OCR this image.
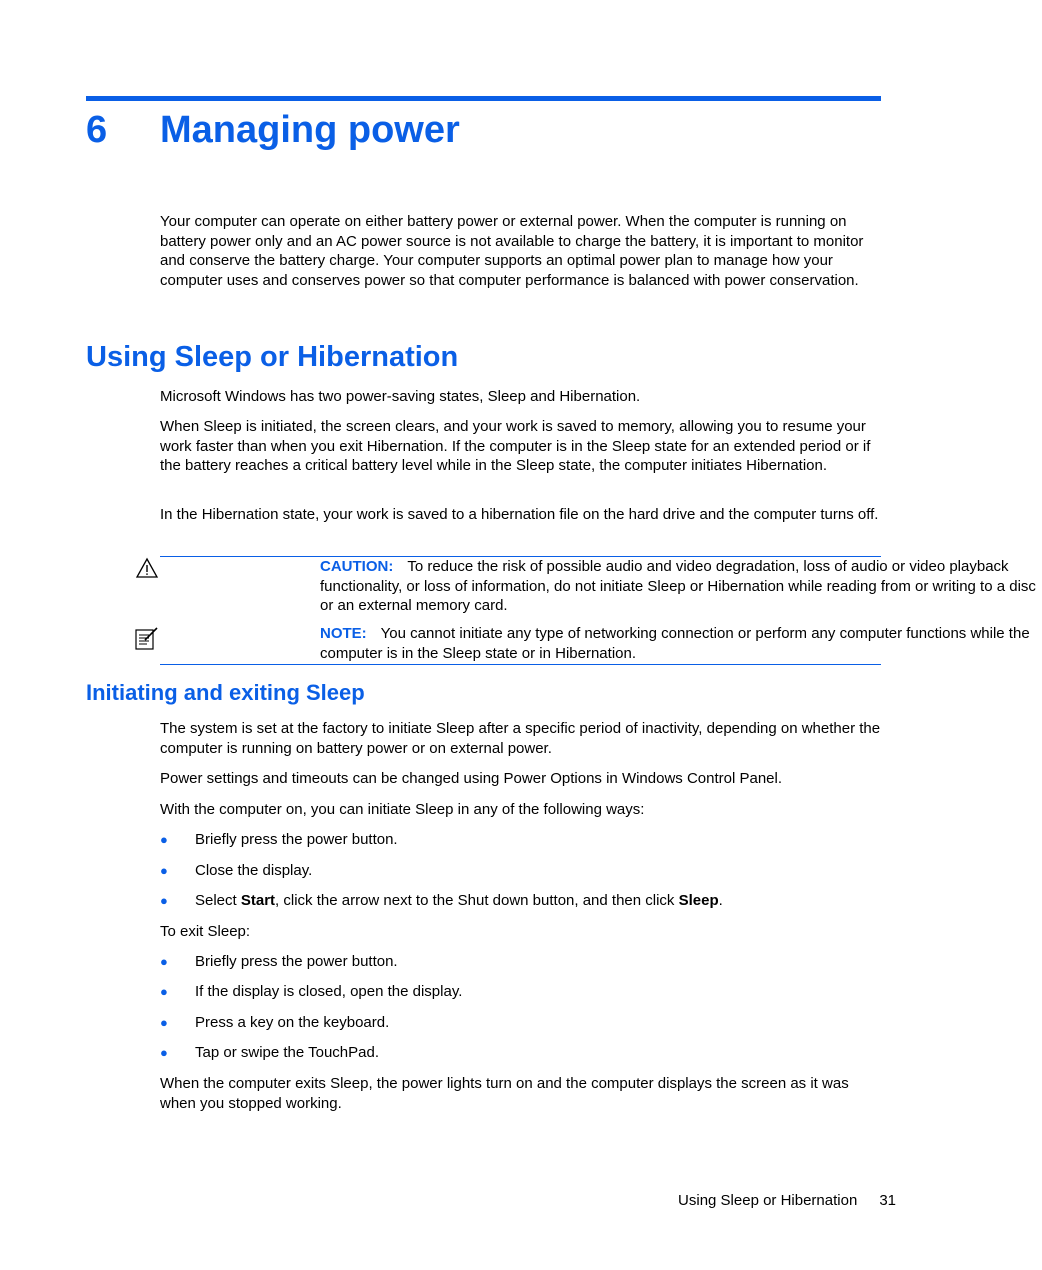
6 Managing power

Your computer can operate on either battery power or external power. When the computer is running on battery power only and an AC power source is not available to charge the battery, it is important to monitor and conserve the battery charge. Your computer supports an optimal power plan to manage how your computer uses and conserves power so that computer performance is balanced with power conservation.

Using Sleep or Hibernation

Microsoft Windows has two power-saving states, Sleep and Hibernation.

When Sleep is initiated, the screen clears, and your work is saved to memory, allowing you to resume your work faster than when you exit Hibernation. If the computer is in the Sleep state for an extended period or if the battery reaches a critical battery level while in the Sleep state, the computer initiates Hibernation.

In the Hibernation state, your work is saved to a hibernation file on the hard drive and the computer turns off.

CAUTION: To reduce the risk of possible audio and video degradation, loss of audio or video playback functionality, or loss of information, do not initiate Sleep or Hibernation while reading from or writing to a disc or an external memory card.

NOTE: You cannot initiate any type of networking connection or perform any computer functions while the computer is in the Sleep state or in Hibernation.

Initiating and exiting Sleep

The system is set at the factory to initiate Sleep after a specific period of inactivity, depending on whether the computer is running on battery power or on external power.

Power settings and timeouts can be changed using Power Options in Windows Control Panel.

With the computer on, you can initiate Sleep in any of the following ways:

● Briefly press the power button.
● Close the display.
● Select Start, click the arrow next to the Shut down button, and then click Sleep.

To exit Sleep:

● Briefly press the power button.
● If the display is closed, open the display.
● Press a key on the keyboard.
● Tap or swipe the TouchPad.

When the computer exits Sleep, the power lights turn on and the computer displays the screen as it was when you stopped working.

Using Sleep or Hibernation 31
